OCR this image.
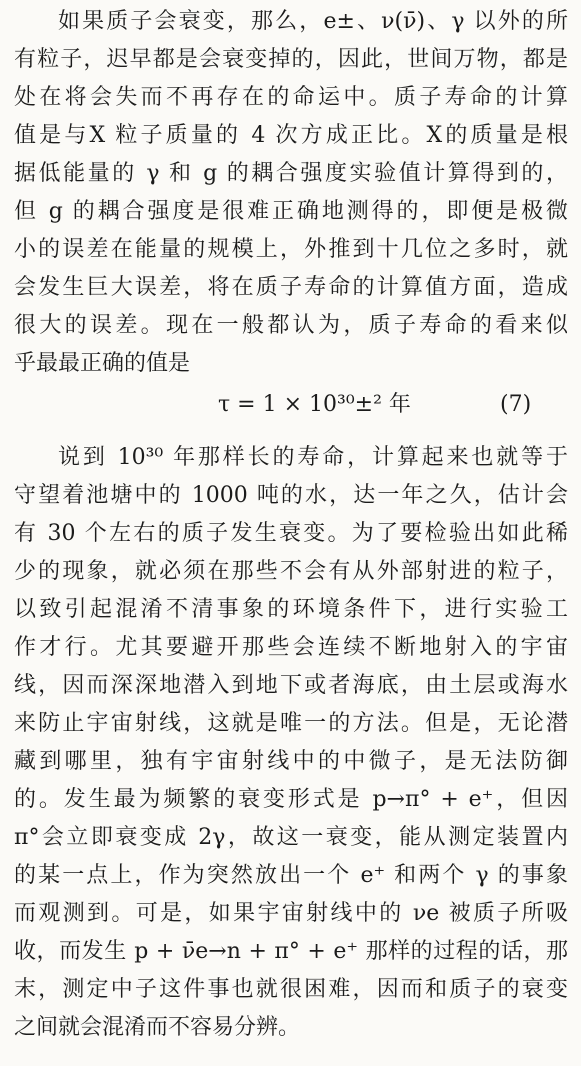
如果质子会衰变，那么，e±、ν(ν̄)、γ 以外的所
有粒子，迟早都是会衰变掉的，因此，世间万物，都是
处在将会失而不再存在的命运中。质子寿命的计算
值是与X 粒子质量的 4 次方成正比。X的质量是根
据低能量的 γ 和 g 的耦合强度实验值计算得到的，
但 g 的耦合强度是很难正确地测得的，即便是极微
小的误差在能量的规模上，外推到十几位之多时，就
会发生巨大误差，将在质子寿命的计算值方面，造成
很大的误差。现在一般都认为，质子寿命的看来似
乎最最正确的值是
τ = 1 × 10³⁰±² 年	(7)
说到 10³⁰ 年那样长的寿命，计算起来也就等于
守望着池塘中的 1000 吨的水，达一年之久，估计会
有 30 个左右的质子发生衰变。为了要检验出如此稀
少的现象，就必须在那些不会有从外部射进的粒子，
以致引起混淆不清事象的环境条件下，进行实验工
作才行。尤其要避开那些会连续不断地射入的宇宙
线，因而深深地潜入到地下或者海底，由土层或海水
来防止宇宙射线，这就是唯一的方法。但是，无论潜
藏到哪里，独有宇宙射线中的中微子，是无法防御
的。发生最为频繁的衰变形式是 p→π° + e⁺，但因
π°会立即衰变成 2γ，故这一衰变，能从测定装置内
的某一点上，作为突然放出一个 e⁺ 和两个 γ 的事象
而观测到。可是，如果宇宙射线中的 νe 被质子所吸
收，而发生 p + ν̄e→n + π° + e⁺ 那样的过程的话，那
末，测定中子这件事也就很困难，因而和质子的衰变
之间就会混淆而不容易分辨。
